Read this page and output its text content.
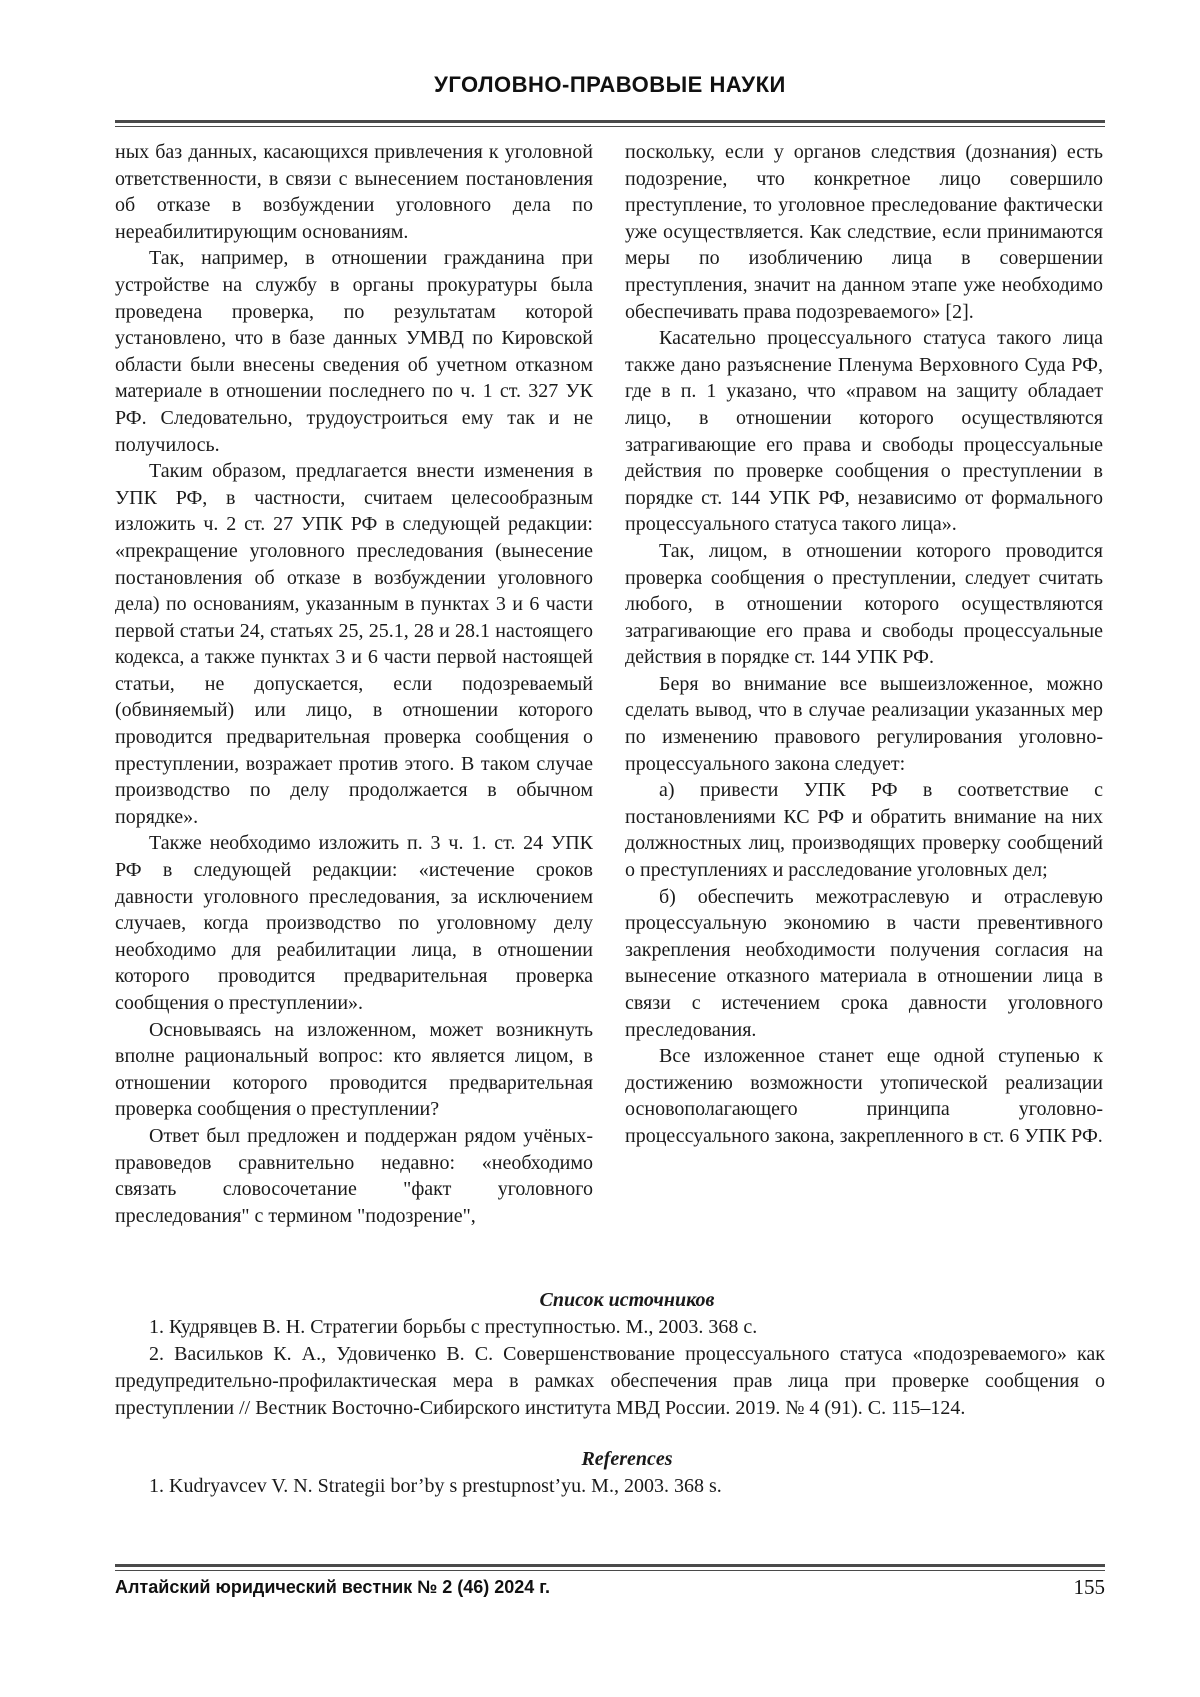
УГОЛОВНО-ПРАВОВЫЕ НАУКИ

ных баз данных, касающихся привлечения к уголовной ответственности, в связи с вынесением постановления об отказе в возбуждении уголовного дела по нереабилитирующим основаниям.

Так, например, в отношении гражданина при устройстве на службу в органы прокуратуры была проведена проверка, по результатам которой установлено, что в базе данных УМВД по Кировской области были внесены сведения об учетном отказном материале в отношении последнего по ч. 1 ст. 327 УК РФ. Следовательно, трудоустроиться ему так и не получилось.

Таким образом, предлагается внести изменения в УПК РФ, в частности, считаем целесообразным изложить ч. 2 ст. 27 УПК РФ в следующей редакции: «прекращение уголовного преследования (вынесение постановления об отказе в возбуждении уголовного дела) по основаниям, указанным в пунктах 3 и 6 части первой статьи 24, статьях 25, 25.1, 28 и 28.1 настоящего кодекса, а также пунктах 3 и 6 части первой настоящей статьи, не допускается, если подозреваемый (обвиняемый) или лицо, в отношении которого проводится предварительная проверка сообщения о преступлении, возражает против этого. В таком случае производство по делу продолжается в обычном порядке».

Также необходимо изложить п. 3 ч. 1. ст. 24 УПК РФ в следующей редакции: «истечение сроков давности уголовного преследования, за исключением случаев, когда производство по уголовному делу необходимо для реабилитации лица, в отношении которого проводится предварительная проверка сообщения о преступлении».

Основываясь на изложенном, может возникнуть вполне рациональный вопрос: кто является лицом, в отношении которого проводится предварительная проверка сообщения о преступлении?

Ответ был предложен и поддержан рядом учёных-правоведов сравнительно недавно: «необходимо связать словосочетание "факт уголовного преследования" с термином "подозрение",

поскольку, если у органов следствия (дознания) есть подозрение, что конкретное лицо совершило преступление, то уголовное преследование фактически уже осуществляется. Как следствие, если принимаются меры по изобличению лица в совершении преступления, значит на данном этапе уже необходимо обеспечивать права подозреваемого» [2].

Касательно процессуального статуса такого лица также дано разъяснение Пленума Верховного Суда РФ, где в п. 1 указано, что «правом на защиту обладает лицо, в отношении которого осуществляются затрагивающие его права и свободы процессуальные действия по проверке сообщения о преступлении в порядке ст. 144 УПК РФ, независимо от формального процессуального статуса такого лица».

Так, лицом, в отношении которого проводится проверка сообщения о преступлении, следует считать любого, в отношении которого осуществляются затрагивающие его права и свободы процессуальные действия в порядке ст. 144 УПК РФ.

Беря во внимание все вышеизложенное, можно сделать вывод, что в случае реализации указанных мер по изменению правового регулирования уголовно-процессуального закона следует:

а) привести УПК РФ в соответствие с постановлениями КС РФ и обратить внимание на них должностных лиц, производящих проверку сообщений о преступлениях и расследование уголовных дел;

б) обеспечить межотраслевую и отраслевую процессуальную экономию в части превентивного закрепления необходимости получения согласия на вынесение отказного материала в отношении лица в связи с истечением срока давности уголовного преследования.

Все изложенное станет еще одной ступенью к достижению возможности утопической реализации основополагающего принципа уголовно-процессуального закона, закрепленного в ст. 6 УПК РФ.

Список источников

1. Кудрявцев В. Н. Стратегии борьбы с преступностью. М., 2003. 368 с.

2. Васильков К. А., Удовиченко В. С. Совершенствование процессуального статуса «подозреваемого» как предупредительно-профилактическая мера в рамках обеспечения прав лица при проверке сообщения о преступлении // Вестник Восточно-Сибирского института МВД России. 2019. № 4 (91). С. 115–124.

References

1. Kudryavcev V. N. Strategii bor’by s prestupnost’yu. M., 2003. 368 s.

Алтайский юридический вестник № 2 (46) 2024 г.	155
